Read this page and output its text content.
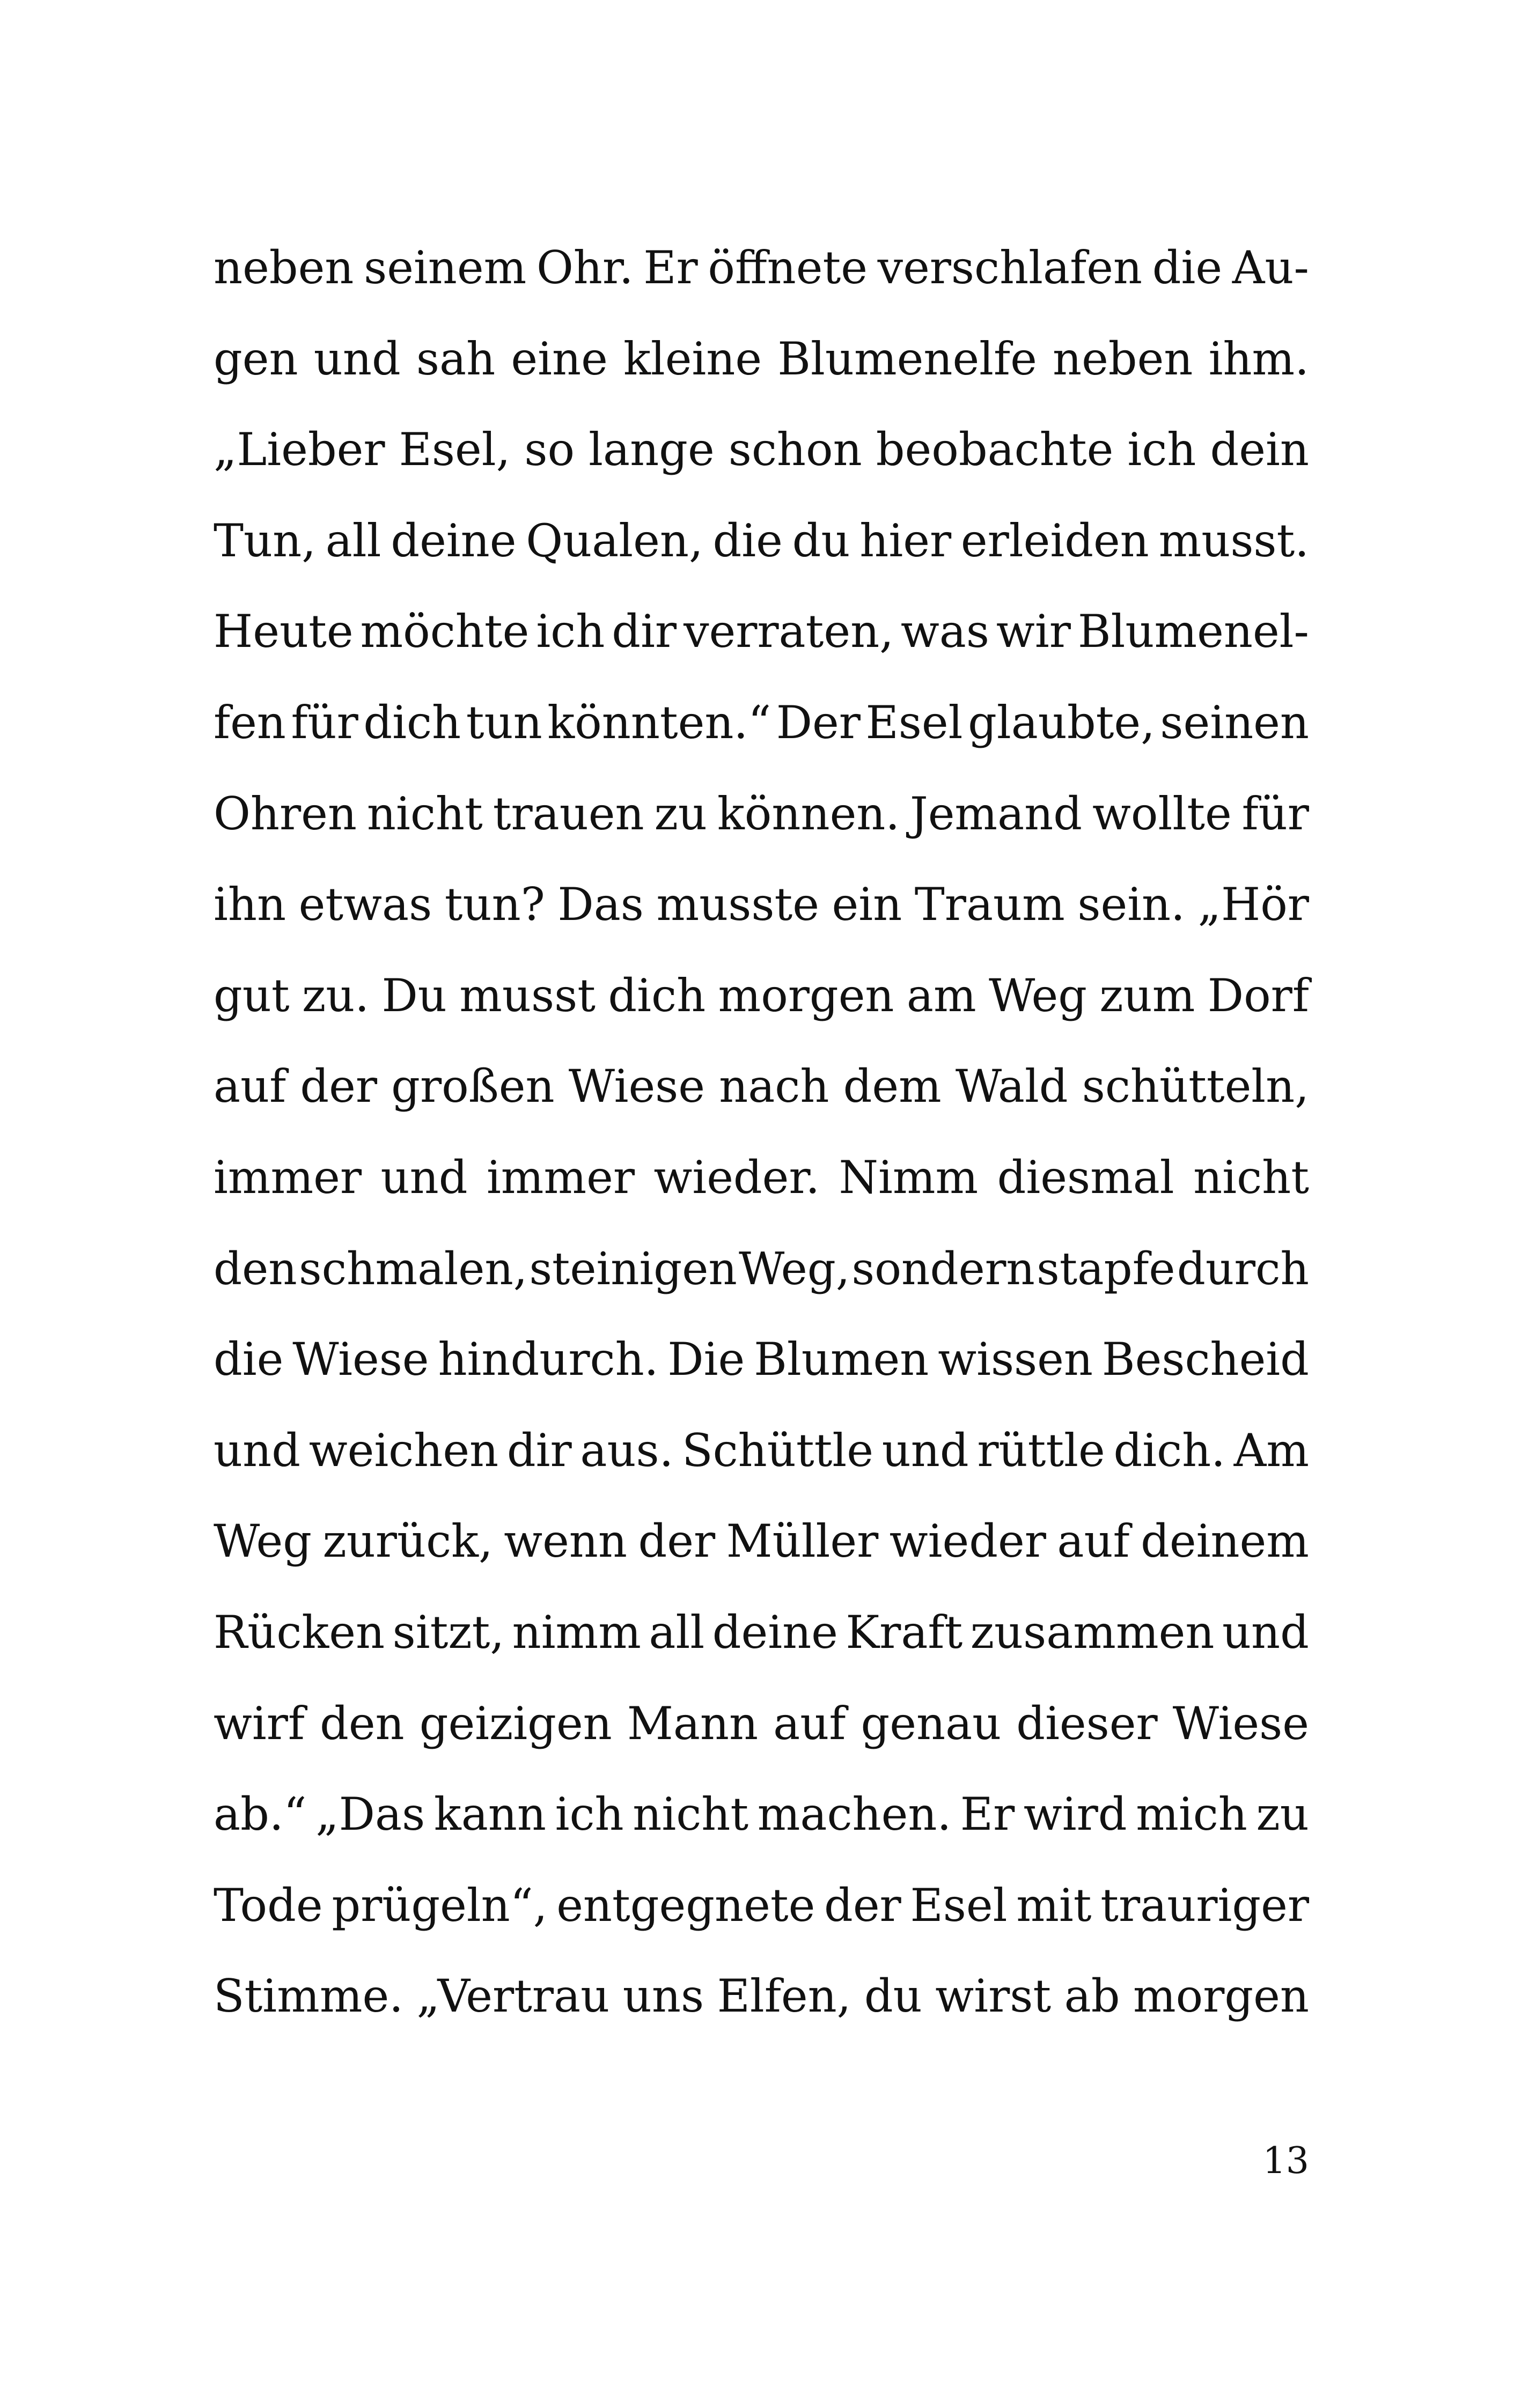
neben seinem Ohr. Er öffnete verschlafen die Au-
gen und sah eine kleine Blumenelfe neben ihm.
„Lieber Esel, so lange schon beobachte ich dein
Tun, all deine Qualen, die du hier erleiden musst.
Heute möchte ich dir verraten, was wir Blumenel-
fen für dich tun könnten.“ Der Esel glaubte, seinen
Ohren nicht trauen zu können. Jemand wollte für
ihn etwas tun? Das musste ein Traum sein. „Hör
gut zu. Du musst dich morgen am Weg zum Dorf
auf der großen Wiese nach dem Wald schütteln,
immer und immer wieder. Nimm diesmal nicht
den schmalen, steinigen Weg, sondern stapfe durch
die Wiese hindurch. Die Blumen wissen Bescheid
und weichen dir aus. Schüttle und rüttle dich. Am
Weg zurück, wenn der Müller wieder auf deinem
Rücken sitzt, nimm all deine Kraft zusammen und
wirf den geizigen Mann auf genau dieser Wiese
ab.“ „Das kann ich nicht machen. Er wird mich zu
Tode prügeln“, entgegnete der Esel mit trauriger
Stimme. „Vertrau uns Elfen, du wirst ab morgen
13
